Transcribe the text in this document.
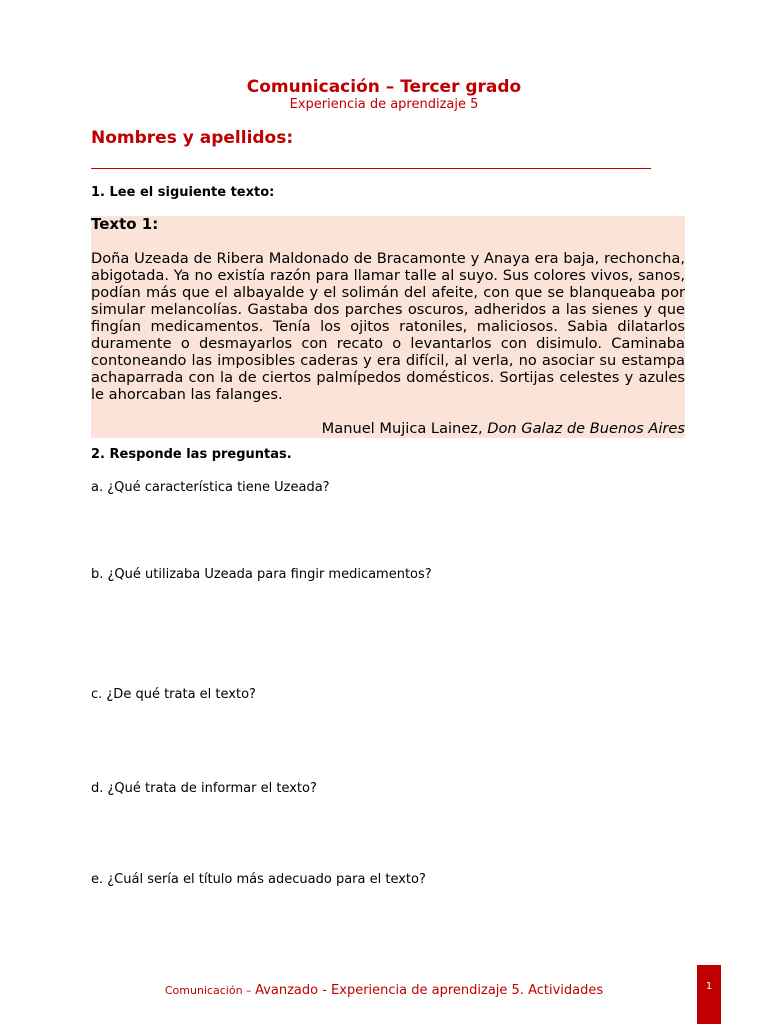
Comunicación – Tercer grado
Experiencia de aprendizaje 5
Nombres y apellidos:
1. Lee el siguiente texto:
Texto 1:
Doña Uzeada de Ribera Maldonado de Bracamonte y Anaya era baja, rechoncha, abigotada. Ya no existía razón para llamar talle al suyo. Sus colores vivos, sanos, podían más que el albayalde y el solimán del afeite, con que se blanqueaba por simular melancolías. Gastaba dos parches oscuros, adheridos a las sienes y que fingían medicamentos. Tenía los ojitos ratoniles, maliciosos. Sabia dilatarlos duramente o desmayarlos con recato o levantarlos con disimulo. Caminaba contoneando las imposibles caderas y era difícil, al verla, no asociar su estampa achaparrada con la de ciertos palmípedos domésticos. Sortijas celestes y azules le ahorcaban las falanges.
Manuel Mujica Lainez, Don Galaz de Buenos Aires
2. Responde las preguntas.
a. ¿Qué característica tiene Uzeada?
b. ¿Qué utilizaba Uzeada para fingir medicamentos?
c. ¿De qué trata el texto?
d. ¿Qué trata de informar el texto?
e. ¿Cuál sería el título más adecuado para el texto?
Comunicación – Avanzado - Experiencia de aprendizaje 5. Actividades	1
